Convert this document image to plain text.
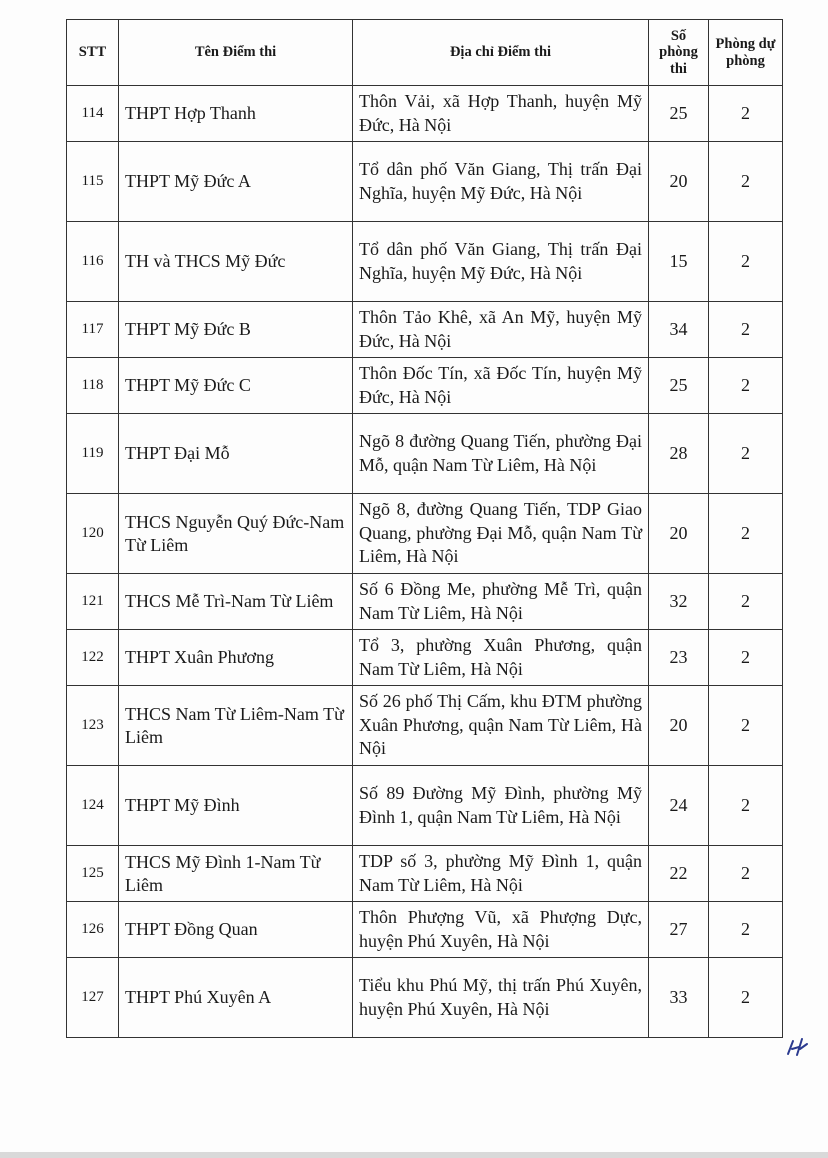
STT	Tên Điểm thi	Địa chỉ Điểm thi	Số phòng thi	Phòng dự phòng
114	THPT Hợp Thanh	Thôn Vải, xã Hợp Thanh, huyện Mỹ Đức, Hà Nội	25	2
115	THPT Mỹ Đức A	Tổ dân phố Văn Giang, Thị trấn Đại Nghĩa, huyện Mỹ Đức, Hà Nội	20	2
116	TH và THCS Mỹ Đức	Tổ dân phố Văn Giang, Thị trấn Đại Nghĩa, huyện Mỹ Đức, Hà Nội	15	2
117	THPT Mỹ Đức B	Thôn Tảo Khê, xã An Mỹ, huyện Mỹ Đức, Hà Nội	34	2
118	THPT Mỹ Đức C	Thôn Đốc Tín, xã Đốc Tín, huyện Mỹ Đức, Hà Nội	25	2
119	THPT Đại Mỗ	Ngõ 8 đường Quang Tiến, phường Đại Mỗ, quận Nam Từ Liêm, Hà Nội	28	2
120	THCS Nguyễn Quý Đức-Nam Từ Liêm	Ngõ 8, đường Quang Tiến, TDP Giao Quang, phường Đại Mỗ, quận Nam Từ Liêm, Hà Nội	20	2
121	THCS Mễ Trì-Nam Từ Liêm	Số 6 Đồng Me, phường Mễ Trì, quận Nam Từ Liêm, Hà Nội	32	2
122	THPT Xuân Phương	Tổ 3, phường Xuân Phương, quận Nam Từ Liêm, Hà Nội	23	2
123	THCS Nam Từ Liêm-Nam Từ Liêm	Số 26 phố Thị Cấm, khu ĐTM phường Xuân Phương, quận Nam Từ Liêm, Hà Nội	20	2
124	THPT Mỹ Đình	Số 89 Đường Mỹ Đình, phường Mỹ Đình 1, quận Nam Từ Liêm, Hà Nội	24	2
125	THCS Mỹ Đình 1-Nam Từ Liêm	TDP số 3, phường Mỹ Đình 1, quận Nam Từ Liêm, Hà Nội	22	2
126	THPT Đồng Quan	Thôn Phượng Vũ, xã Phượng Dực, huyện Phú Xuyên, Hà Nội	27	2
127	THPT Phú Xuyên A	Tiểu khu Phú Mỹ, thị trấn Phú Xuyên, huyện Phú Xuyên, Hà Nội	33	2
